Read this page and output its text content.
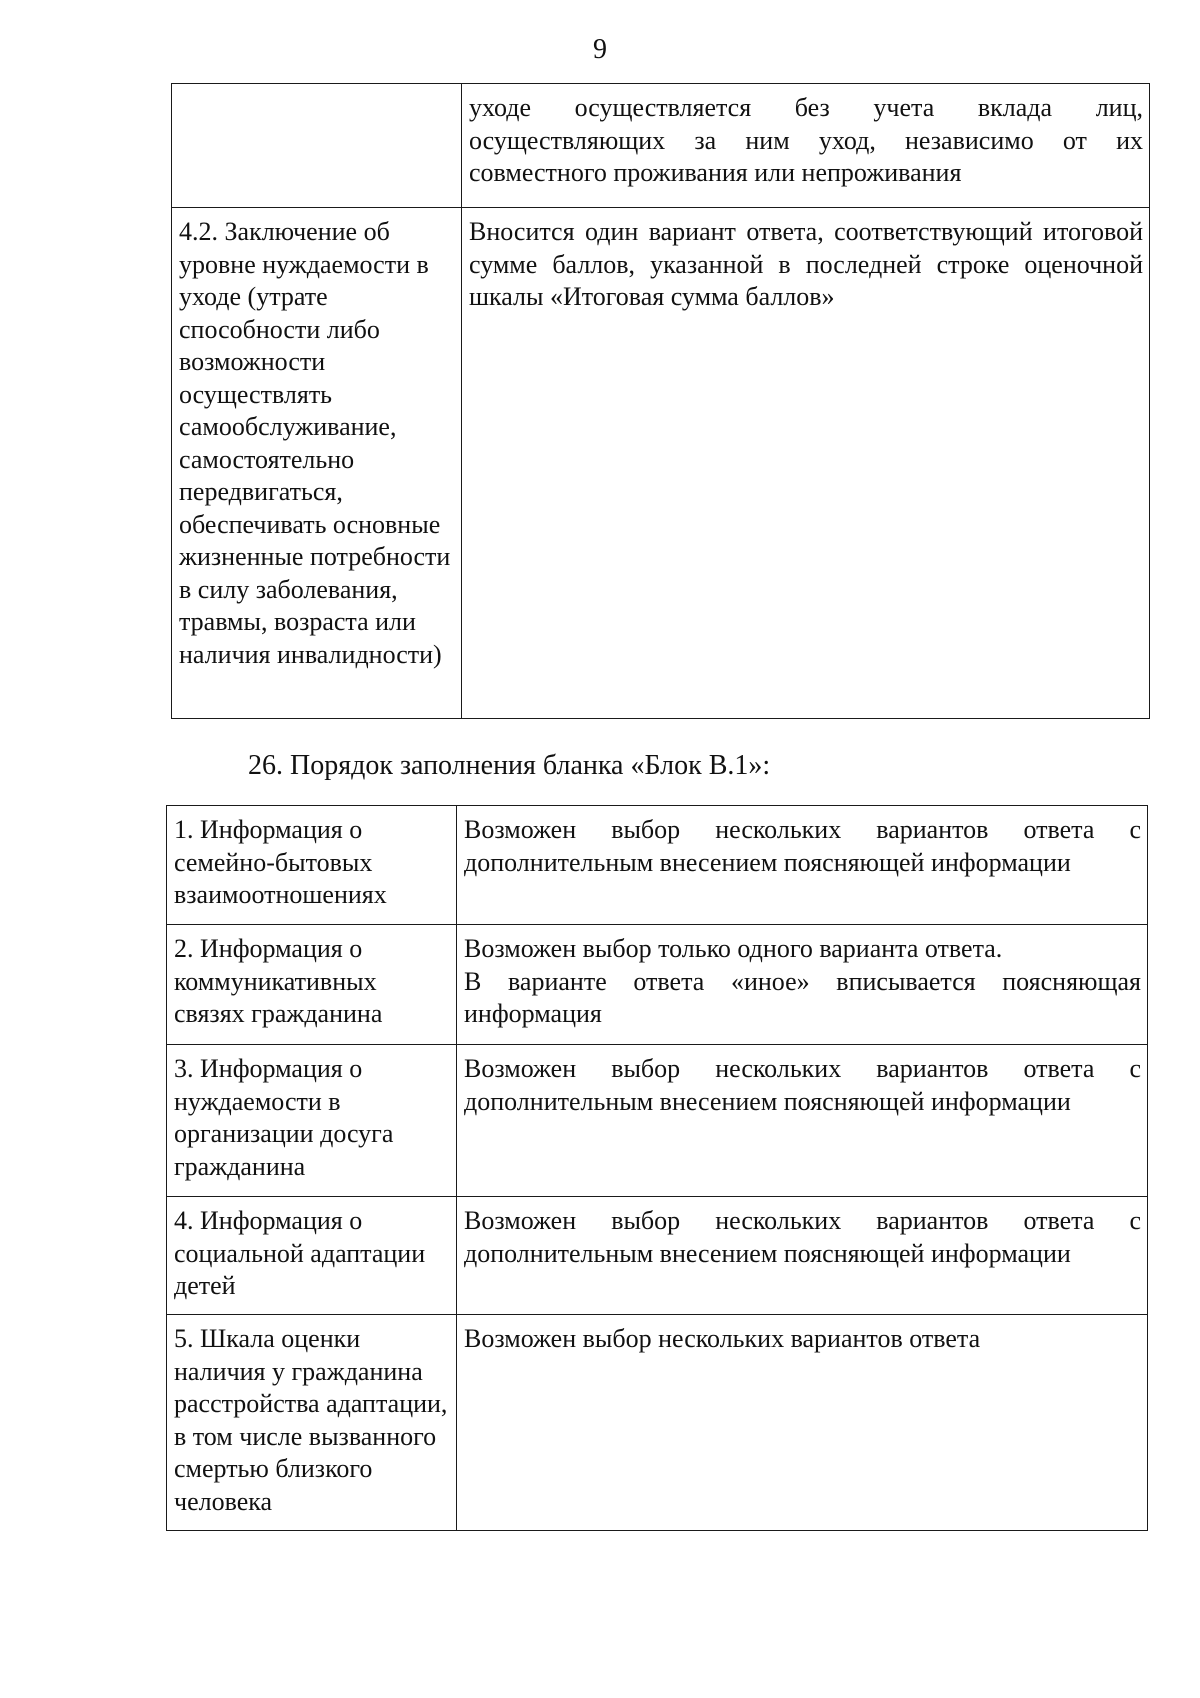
9
	уходе осуществляется без учета вклада лиц, осуществляющих за ним уход, независимо от их совместного проживания или непроживания
4.2. Заключение об уровне нуждаемости в уходе (утрате способности либо возможности осуществлять самообслуживание, самостоятельно передвигаться, обеспечивать основные жизненные потребности в силу заболевания, травмы, возраста или наличия инвалидности)	Вносится один вариант ответа, соответствующий итоговой сумме баллов, указанной в последней строке оценочной шкалы «Итоговая сумма баллов»
26. Порядок заполнения бланка «Блок В.1»:
1. Информация о семейно-бытовых взаимоотношениях	Возможен выбор нескольких вариантов ответа с дополнительным внесением поясняющей информации

2. Информация о коммуникативных связях гражданина	Возможен выбор только одного варианта ответа.
В варианте ответа «иное» вписывается поясняющая информация

3. Информация о нуждаемости в организации досуга гражданина	Возможен выбор нескольких вариантов ответа с дополнительным внесением поясняющей информации

4. Информация о социальной адаптации детей	Возможен выбор нескольких вариантов ответа с дополнительным внесением поясняющей информации

5. Шкала оценки наличия у гражданина расстройства адаптации, в том числе вызванного смертью близкого человека	Возможен выбор нескольких вариантов ответа
